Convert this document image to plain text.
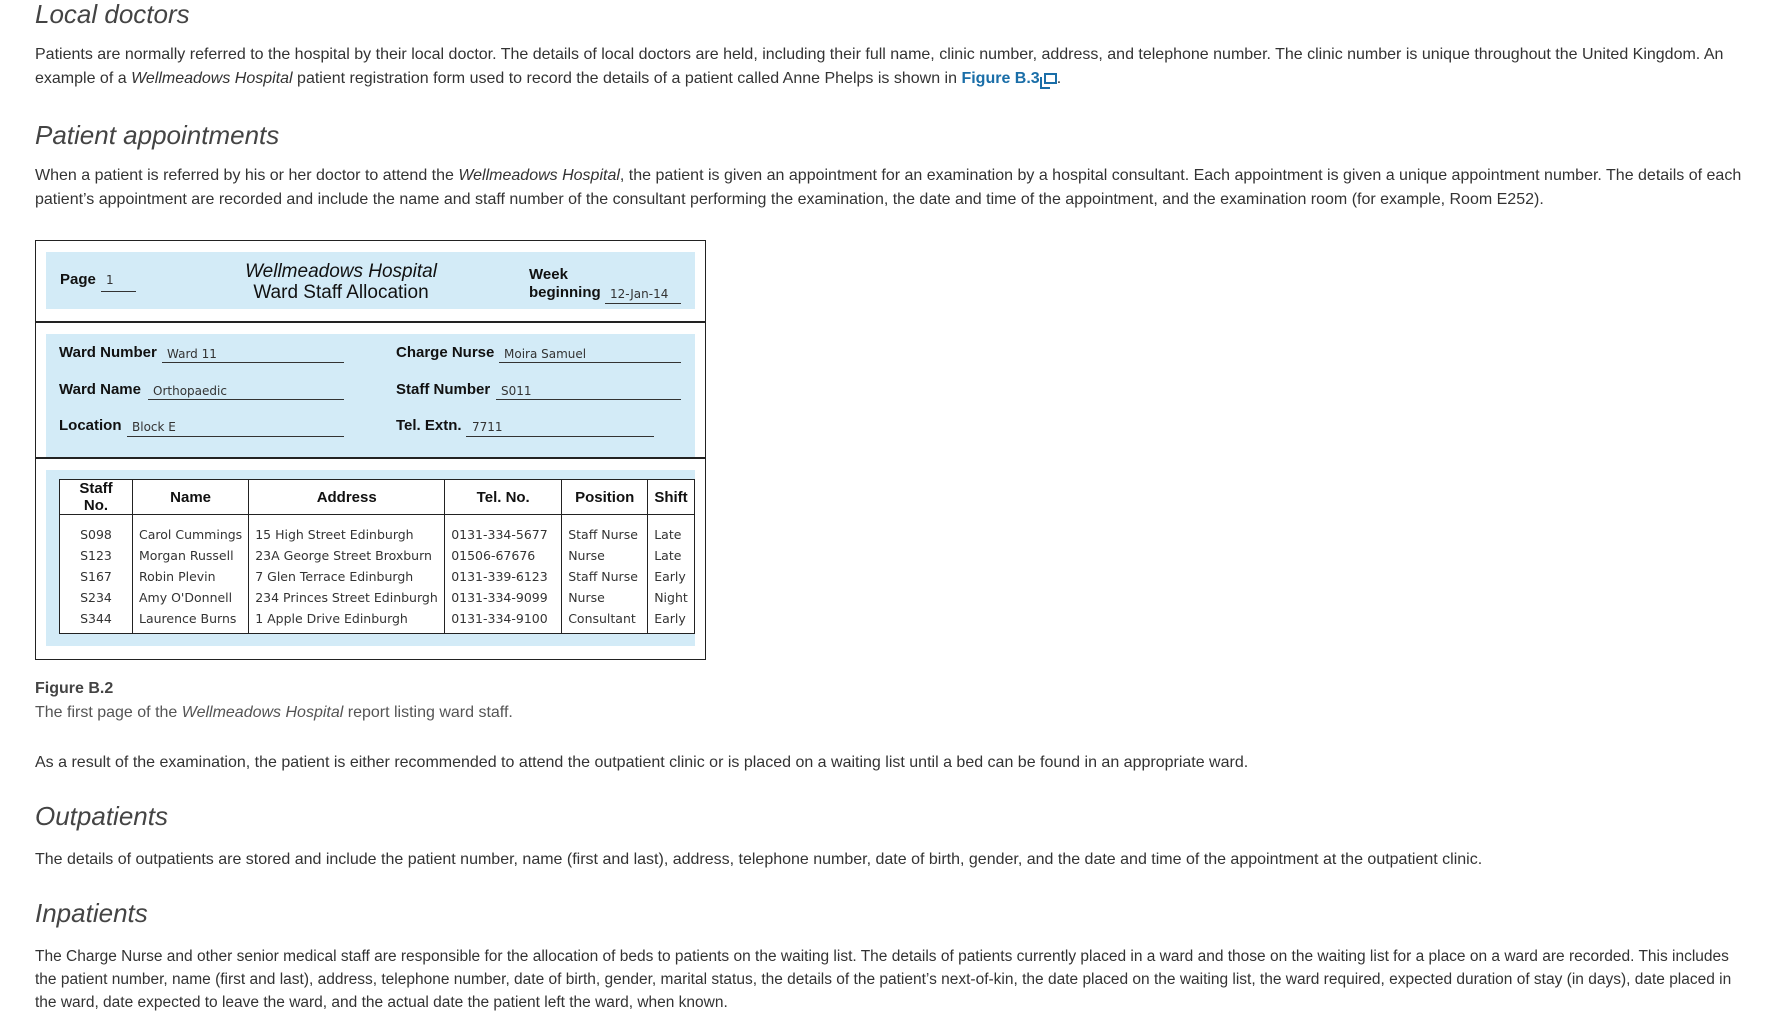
Local doctors

Patients are normally referred to the hospital by their local doctor. The details of local doctors are held, including their full name, clinic number, address, and telephone number. The clinic number is unique throughout the United Kingdom. An example of a Wellmeadows Hospital patient registration form used to record the details of a patient called Anne Phelps is shown in Figure B.3 .

Patient appointments

When a patient is referred by his or her doctor to attend the Wellmeadows Hospital, the patient is given an appointment for an examination by a hospital consultant. Each appointment is given a unique appointment number. The details of each patient’s appointment are recorded and include the name and staff number of the consultant performing the examination, the date and time of the appointment, and the examination room (for example, Room E252).

Page 1	Wellmeadows Hospital
Ward Staff Allocation
Week
beginning 12-Jan-14
Ward Number Ward 11
Ward Name Orthopaedic
Location Block E
Charge Nurse Moira Samuel
Staff Number S011
Tel. Extn. 7711
Staff No.	Name	Address	Tel. No.	Position	Shift
S098	Carol Cummings	15 High Street Edinburgh	0131-334-5677	Staff Nurse	Late
S123	Morgan Russell	23A George Street Broxburn	01506-67676	Nurse	Late
S167	Robin Plevin	7 Glen Terrace Edinburgh	0131-339-6123	Staff Nurse	Early
S234	Amy O'Donnell	234 Princes Street Edinburgh	0131-334-9099	Nurse	Night
S344	Laurence Burns	1 Apple Drive Edinburgh	0131-334-9100	Consultant	Early
Figure B.2
The first page of the Wellmeadows Hospital report listing ward staff.

As a result of the examination, the patient is either recommended to attend the outpatient clinic or is placed on a waiting list until a bed can be found in an appropriate ward.

Outpatients

The details of outpatients are stored and include the patient number, name (first and last), address, telephone number, date of birth, gender, and the date and time of the appointment at the outpatient clinic.

Inpatients

The Charge Nurse and other senior medical staff are responsible for the allocation of beds to patients on the waiting list. The details of patients currently placed in a ward and those on the waiting list for a place on a ward are recorded. This includes the patient number, name (first and last), address, telephone number, date of birth, gender, marital status, the details of the patient’s next-of-kin, the date placed on the waiting list, the ward required, expected duration of stay (in days), date placed in the ward, date expected to leave the ward, and the actual date the patient left the ward, when known.
